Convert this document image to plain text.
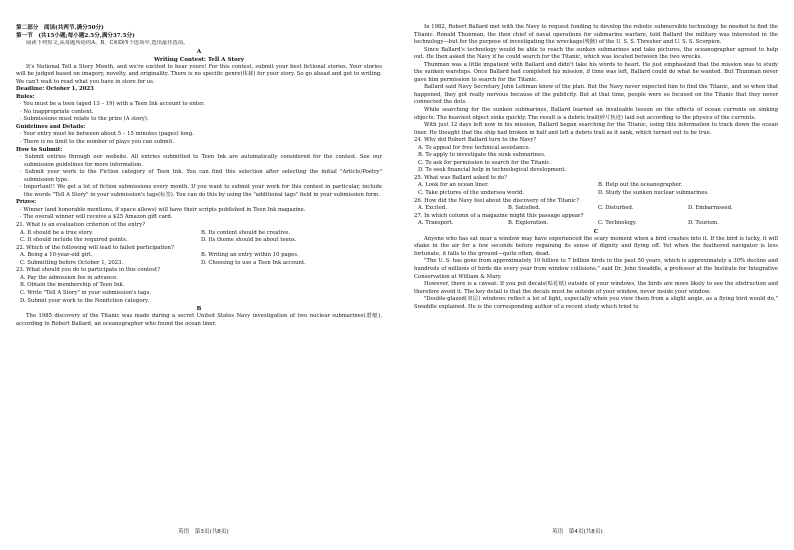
第二部分　阅读(共两节,满分50分)
第一节　(共15小题;每小题2.5分,满分37.5分)
阅读下列短文,从每题所给的A、B、C和D四个选项中,选出最佳选项。
A
Writing Contest: Tell A Story

It's National Tell a Story Month, and we're excited to hear yours! For this contest, submit your best fictional stories. Your stories will be judged based on imagery, novelty, and originality. There is no specific genre(体裁) for your story. So go ahead and get to writing. We can't wait to read what you have in store for us.

Deadline: October 1, 2023
Rules:
· You must be a teen (aged 13 – 19) with a Teen Ink account to enter.
· No inappropriate content.
· Submissions must relate to the prize (A story).
Guidelines and Details:
· Your entry must be between about 5 – 15 minutes (pages) long.
· There is no limit to the number of plays you can submit.
How to Submit:
· Submit entries through our website. All entries submitted to Teen Ink are automatically considered for the contest. See our submission guidelines for more information.
· Submit your work to the Fiction category of Teen Ink. You can find this selection after selecting the initial "Article/Poetry" submission type.
· Important!! We get a lot of fiction submissions every month. If you want to submit your work for this contest in particular, include the words "Tell A Story" in your submission's tags(标签). You can do this by using the "additional tags" field in your submission form.
Prizes:
· Winner (and honorable mentions, if space allows) will have their scripts published in Teen Ink magazine.
· The overall winner will receive a $25 Amazon gift card.
21. What is an evaluation criterion of the entry?
A. It should be a true story.	B. Its content should be creative.
C. It should include the required points.	D. Its theme should be about teens.
22. Which of the following will lead to failed participation?
A. Being a 10-year-old girl.	B. Writing an entry within 10 pages.
C. Submitting before October 1, 2023.	D. Choosing to use a Teen Ink account.
23. What should you do to participate in this contest?
A. Pay the admission fee in advance.
B. Obtain the membership of Teen Ink.
C. Write "Tell A Story" in your submission's tags.
D. Submit your work to the Nonfiction category.
B

The 1985 discovery of the Titanic was made during a secret United States Navy investigation of two nuclear submarines(潜艇), according to Robert Ballard, an oceanographer who found the ocean liner.

In 1982, Robert Ballard met with the Navy to request funding to develop the robotic submersible technology he needed to find the Titanic. Ronald Thunman, the then chief of naval operations for submarine warfare, told Ballard the military was interested in the technology—but for the purpose of investigating the wreckage(残骸) of the U. S. S. Thresher and U. S. S. Scorpion.

Since Ballard's technology would be able to reach the sunken submarines and take pictures, the oceanographer agreed to help out. He then asked the Navy if he could search for the Titanic, which was located between the two wrecks.

Thunman was a little impatient with Ballard and didn't take his words to heart. He just emphasized that the mission was to study the sunken warships. Once Ballard had completed his mission, if time was left, Ballard could do what he wanted. But Thunman never gave him permission to search for the Titanic.

Ballard said Navy Secretary John Lehman knew of the plan. But the Navy never expected him to find the Titanic, and so when that happened, they got really nervous because of the publicity. But at that time, people were so focused on the Titanic that they never connected the dots.

While searching for the sunken submarines, Ballard learned an invaluable lesson on the effects of ocean currents on sinking objects: The heaviest object sinks quickly. The result is a debris trail(碎片轨迹) laid out according to the physics of the currents.

With just 12 days left now in his mission, Ballard began searching for the Titanic, using this information to track down the ocean liner. He thought that the ship had broken in half and left a debris trail as it sank, which turned out to be true.

24. Why did Robert Ballard turn to the Navy?
A. To appeal for free technical assistance.
B. To apply to investigate the sunk submarines.
C. To ask for permission to search for the Titanic.
D. To seek financial help in technological development.
25. What was Ballard asked to do?
A. Look for an ocean liner.	B. Help out the oceanographer.
C. Take pictures of the undersea world.	D. Study the sunken nuclear submarines.
26. How did the Navy feel about the discovery of the Titanic?
A. Excited.	B. Satisfied.	C. Disturbed.	D. Embarrassed.
27. In which column of a magazine might this passage appear?
A. Transport.	B. Exploration.	C. Technology.	D. Tourism.
C

Anyone who has sat near a window may have experienced the scary moment when a bird crashes into it. If the bird is lucky, it will shake in the air for a few seconds before regaining its sense of dignity and flying off. Yet when the feathered navigator is less fortunate, it falls to the ground—quite often, dead.

"The U. S. has gone from approximately 10 billion to 7 billion birds in the past 50 years, which is approximately a 30% decline and hundreds of millions of birds die every year from window collisions," said Dr. John Swaddle, a professor at the Institute for Integrative Conservation at William & Mary.

However, there is a caveat: If you put decals(贴花纸) outside of your windows, the birds are more likely to see the obstruction and therefore avoid it. The key detail is that the decals must be outside of your window, never inside your window.

"Double-glazed(双层) windows reflect a lot of light, especially when you view them from a slight angle, as a flying bird would do," Swaddle explained. He is the corresponding author of a recent study which tried to

英语　第3页(共8页)	英语　第4页(共8页)
